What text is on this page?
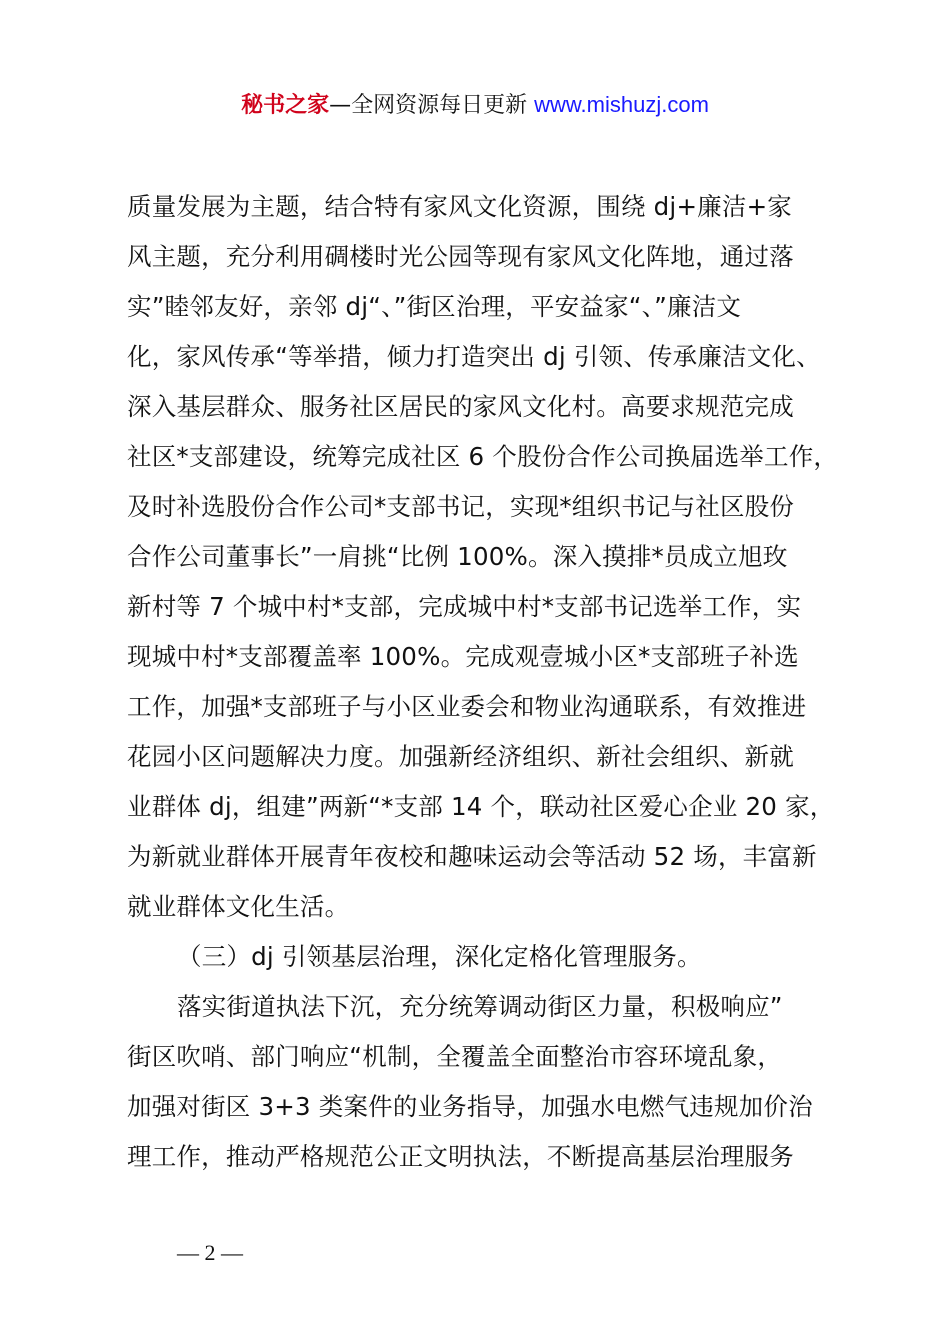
秘书之家—全网资源每日更新 www.mishuzj.com
质量发展为主题，结合特有家风文化资源，围绕 dj+廉洁+家
风主题，充分利用碉楼时光公园等现有家风文化阵地，通过落
实”睦邻友好，亲邻 dj“、”街区治理，平安益家“、”廉洁文
化，家风传承“等举措，倾力打造突出 dj 引领、传承廉洁文化、
深入基层群众、服务社区居民的家风文化村。高要求规范完成
社区*支部建设，统筹完成社区 6 个股份合作公司换届选举工作，
及时补选股份合作公司*支部书记，实现*组织书记与社区股份
合作公司董事长”一肩挑“比例 100%。深入摸排*员成立旭玫
新村等 7 个城中村*支部，完成城中村*支部书记选举工作，实
现城中村*支部覆盖率 100%。完成观壹城小区*支部班子补选
工作，加强*支部班子与小区业委会和物业沟通联系，有效推进
花园小区问题解决力度。加强新经济组织、新社会组织、新就
业群体 dj，组建”两新“*支部 14 个，联动社区爱心企业 20 家，
为新就业群体开展青年夜校和趣味运动会等活动 52 场，丰富新
就业群体文化生活。
（三）dj 引领基层治理，深化定格化管理服务。
落实街道执法下沉，充分统筹调动街区力量，积极响应”
街区吹哨、部门响应“机制，全覆盖全面整治市容环境乱象，
加强对街区 3+3 类案件的业务指导，加强水电燃气违规加价治
理工作，推动严格规范公正文明执法，不断提高基层治理服务
— 2 —
